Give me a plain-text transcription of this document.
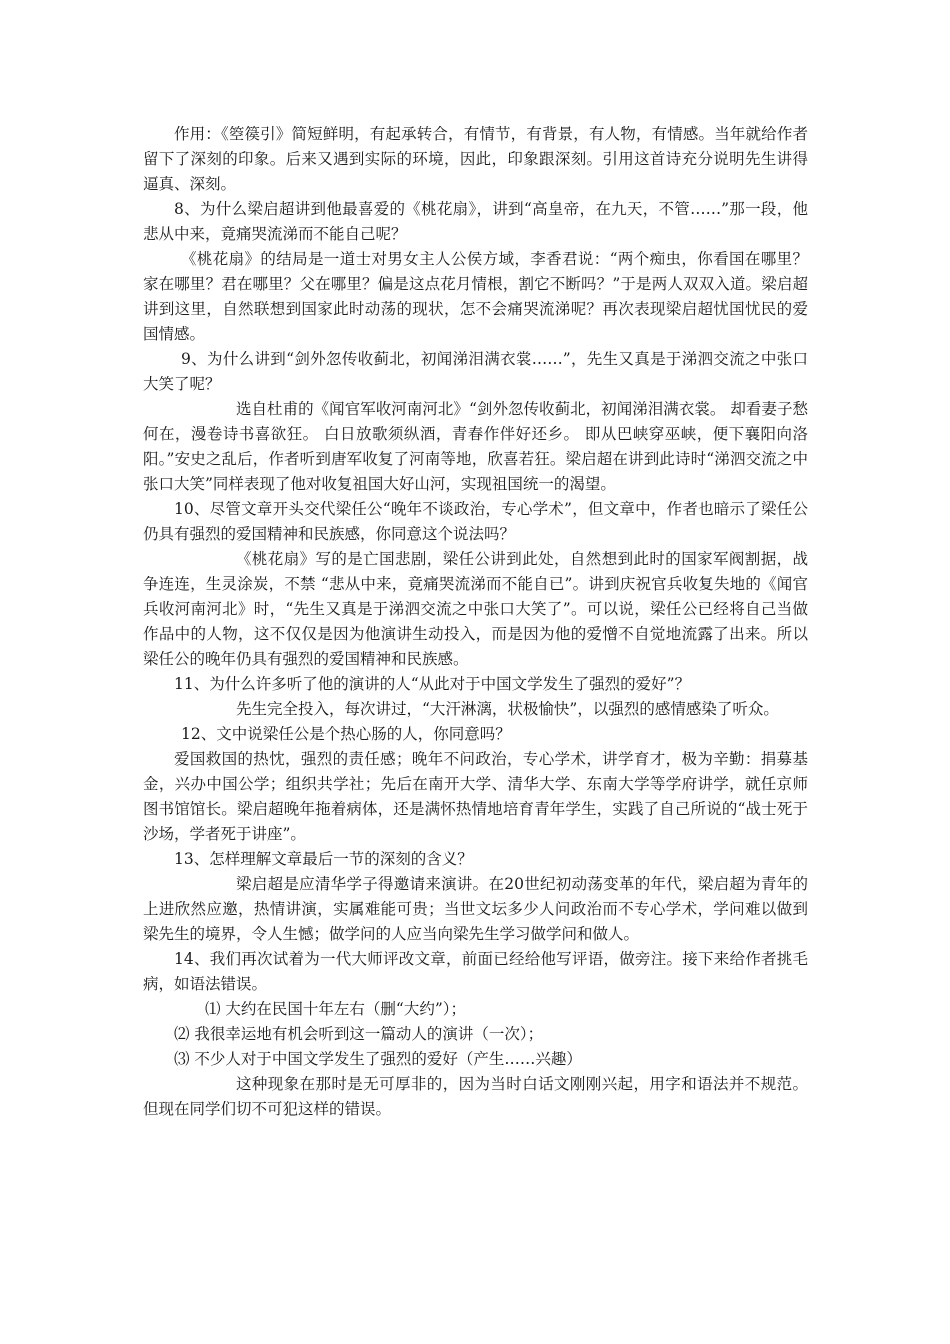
作用：《箜篌引》简短鲜明，有起承转合，有情节，有背景，有人物，有情感。当年就给作者留下了深刻的印象。后来又遇到实际的环境，因此，印象跟深刻。引用这首诗充分说明先生讲得逼真、深刻。

8、为什么梁启超讲到他最喜爱的《桃花扇》，讲到“高皇帝，在九天，不管……”那一段，他悲从中来，竟痛哭流涕而不能自己呢？

《桃花扇》的结局是一道士对男女主人公侯方域，李香君说：“两个痴虫，你看国在哪里？家在哪里？君在哪里？父在哪里？偏是这点花月情根，割它不断吗？”于是两人双双入道。梁启超讲到这里，自然联想到国家此时动荡的现状，怎不会痛哭流涕呢？再次表现梁启超忧国忧民的爱国情感。

9、为什么讲到“剑外忽传收蓟北，初闻涕泪满衣裳……”，先生又真是于涕泗交流之中张口大笑了呢？

选自杜甫的《闻官军收河南河北》“剑外忽传收蓟北，初闻涕泪满衣裳。 却看妻子愁何在，漫卷诗书喜欲狂。 白日放歌须纵酒，青春作伴好还乡。 即从巴峡穿巫峡，便下襄阳向洛阳。”安史之乱后，作者听到唐军收复了河南等地，欣喜若狂。梁启超在讲到此诗时“涕泗交流之中张口大笑”同样表现了他对收复祖国大好山河，实现祖国统一的渴望。

10、尽管文章开头交代梁任公“晚年不谈政治，专心学术”，但文章中，作者也暗示了梁任公仍具有强烈的爱国精神和民族感，你同意这个说法吗？

《桃花扇》写的是亡国悲剧，梁任公讲到此处，自然想到此时的国家军阀割据，战争连连，生灵涂炭，不禁 “悲从中来，竟痛哭流涕而不能自已”。讲到庆祝官兵收复失地的《闻官兵收河南河北》时，“先生又真是于涕泗交流之中张口大笑了”。可以说，梁任公已经将自己当做作品中的人物，这不仅仅是因为他演讲生动投入，而是因为他的爱憎不自觉地流露了出来。所以梁任公的晚年仍具有强烈的爱国精神和民族感。

11、为什么许多听了他的演讲的人“从此对于中国文学发生了强烈的爱好”？

先生完全投入，每次讲过，“大汗淋漓，状极愉快”，以强烈的感情感染了听众。

12、文中说梁任公是个热心肠的人，你同意吗？

爱国救国的热忱，强烈的责任感；晚年不问政治，专心学术，讲学育才，极为辛勤：捐募基金，兴办中国公学；组织共学社；先后在南开大学、清华大学、东南大学等学府讲学，就任京师图书馆馆长。梁启超晚年拖着病体，还是满怀热情地培育青年学生，实践了自己所说的“战士死于沙场，学者死于讲座”。

13、怎样理解文章最后一节的深刻的含义？

梁启超是应清华学子得邀请来演讲。在20世纪初动荡变革的年代，梁启超为青年的上进欣然应邀，热情讲演，实属难能可贵；当世文坛多少人问政治而不专心学术，学问难以做到梁先生的境界，令人生憾；做学问的人应当向梁先生学习做学问和做人。

14、我们再次试着为一代大师评改文章，前面已经给他写评语，做旁注。接下来给作者挑毛病，如语法错误。

⑴ 大约在民国十年左右（删“大约”）；

⑵ 我很幸运地有机会听到这一篇动人的演讲（一次）；

⑶ 不少人对于中国文学发生了强烈的爱好（产生……兴趣）

这种现象在那时是无可厚非的，因为当时白话文刚刚兴起，用字和语法并不规范。但现在同学们切不可犯这样的错误。
